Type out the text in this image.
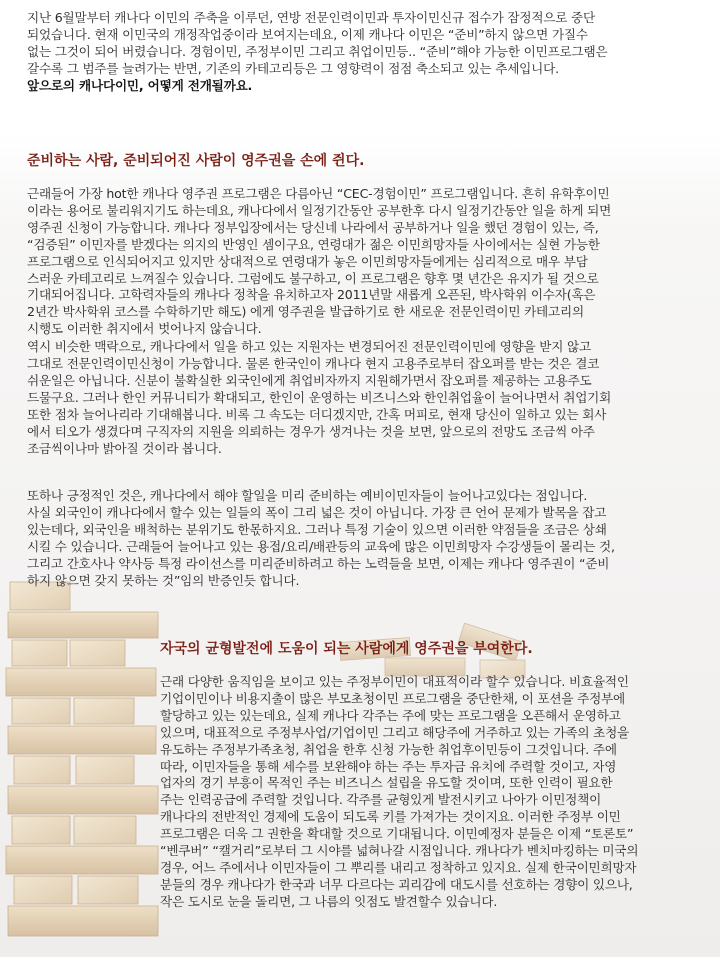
지난 6월말부터 캐나다 이민의 주축을 이루던, 연방 전문인력이민과 투자이민신규 접수가 잠정적으로 중단
되었습니다. 현재 이민국의 개정작업중이라 보여지는데요, 이제 캐나다 이민은 “준비”하지 않으면 가질수
없는 그것이 되어 버렸습니다. 경험이민, 주정부이민 그리고 취업이민등.. “준비”해야 가능한 이민프로그램은
갈수록 그 범주를 늘려가는 반면, 기존의 카테고리등은 그 영향력이 점점 축소되고 있는 추세입니다.

앞으로의 캐나다이민, 어떻게 전개될까요.

준비하는 사람, 준비되어진 사람이 영주권을 손에 쥔다.

근래들어 가장 hot한 캐나다 영주권 프로그램은 다름아닌 “CEC-경험이민” 프로그램입니다. 흔히 유학후이민
이라는 용어로 불리워지기도 하는데요, 캐나다에서 일정기간동안 공부한후 다시 일정기간동안 일을 하게 되면
영주권 신청이 가능합니다. 캐나다 정부입장에서는 당신네 나라에서 공부하거나 일을 했던 경험이 있는, 즉,
“검증된” 이민자를 받겠다는 의지의 반영인 셈이구요, 연령대가 젊은 이민희망자들 사이에서는 실현 가능한
프로그램으로 인식되어지고 있지만 상대적으로 연령대가 놓은 이민희망자들에게는 심리적으로 매우 부담
스러운 카테고리로 느껴질수 있습니다. 그럼에도 불구하고, 이 프로그램은 향후 몇 년간은 유지가 될 것으로
기대되어집니다. 고학력자들의 캐나다 정착을 유치하고자 2011년말 새롭게 오픈된, 박사학위 이수자(혹은
2년간 박사학위 코스를 수학하기만 해도) 에게 영주권을 발급하기로 한 새로운 전문인력이민 카테고리의
시행도 이러한 취지에서 벗어나지 않습니다.

역시 비슷한 맥락으로, 캐나다에서 일을 하고 있는 지원자는 변경되어진 전문인력이민에 영향을 받지 않고
그대로 전문인력이민신청이 가능합니다. 물론 한국인이 캐나다 현지 고용주로부터 잡오퍼를 받는 것은 결코
쉬운일은 아닙니다. 신분이 불확실한 외국인에게 취업비자까지 지원해가면서 잡오퍼를 제공하는 고용주도
드물구요. 그러나 한인 커뮤니티가 확대되고, 한인이 운영하는 비즈니스와 한인취업율이 늘어나면서 취업기회
또한 점차 늘어나리라 기대해봅니다. 비록 그 속도는 더디겠지만, 간혹 머피로, 현재 당신이 일하고 있는 회사
에서 티오가 생겼다며 구직자의 지원을 의뢰하는 경우가 생겨나는 것을 보면, 앞으로의 전망도 조금씩 아주
조금씩이나마 밝아질 것이라 봅니다.

또하나 긍정적인 것은, 캐나다에서 해야 할일을 미리 준비하는 예비이민자들이 늘어나고있다는 점입니다.
사실 외국인이 캐나다에서 할수 있는 일들의 폭이 그리 넓은 것이 아닙니다. 가장 큰 언어 문제가 발목을 잡고
있는데다, 외국인을 배척하는 분위기도 한몫하지요. 그러나 특정 기술이 있으면 이러한 약점들을 조금은 상쇄
시킬 수 있습니다. 근래들어 늘어나고 있는 용접/요리/배관등의 교육에 많은 이민희망자 수강생들이 몰리는 것,
그리고 간호사나 약사등 특정 라이선스를 미리준비하려고 하는 노력들을 보면, 이제는 캐나다 영주권이 “준비
하지 않으면 갖지 못하는 것”임의 반증인듯 합니다.

자국의 균형발전에 도움이 되는 사람에게 영주권을 부여한다.

근래 다양한 움직임을 보이고 있는 주정부이민이 대표적이라 할수 있습니다. 비효율적인
기업이민이나 비용지출이 많은 부모초청이민 프로그램을 중단한채, 이 포션을 주정부에
할당하고 있는 있는데요, 실제 캐나다 각주는 주에 맞는 프로그램을 오픈해서 운영하고
있으며, 대표적으로 주정부사업/기업이민 그리고 해당주에 거주하고 있는 가족의 초청을
유도하는 주정부가족초청, 취업을 한후 신청 가능한 취업후이민등이 그것입니다. 주에
따라, 이민자들을 통해 세수를 보완해야 하는 주는 투자금 유치에 주력할 것이고, 자영
업자의 경기 부흥이 목적인 주는 비즈니스 설립을 유도할 것이며, 또한 인력이 필요한
주는 인력공급에 주력할 것입니다. 각주를 균형있게 발전시키고 나아가 이민정책이
캐나다의 전반적인 경제에 도움이 되도록 키를 가져가는 것이지요. 이러한 주정부 이민
프로그램은 더욱 그 권한을 확대할 것으로 기대됩니다. 이민예정자 분들은 이제 “토론토”
“벤쿠버” “캘거리”로부터 그 시야를 넓혀나갈 시점입니다. 캐나다가 벤치마킹하는 미국의
경우, 어느 주에서나 이민자들이 그 뿌리를 내리고 정착하고 있지요. 실제 한국이민희망자
분들의 경우 캐나다가 한국과 너무 다르다는 괴리감에 대도시를 선호하는 경향이 있으나,
작은 도시로 눈을 돌리면, 그 나름의 잇점도 발견할수 있습니다.
